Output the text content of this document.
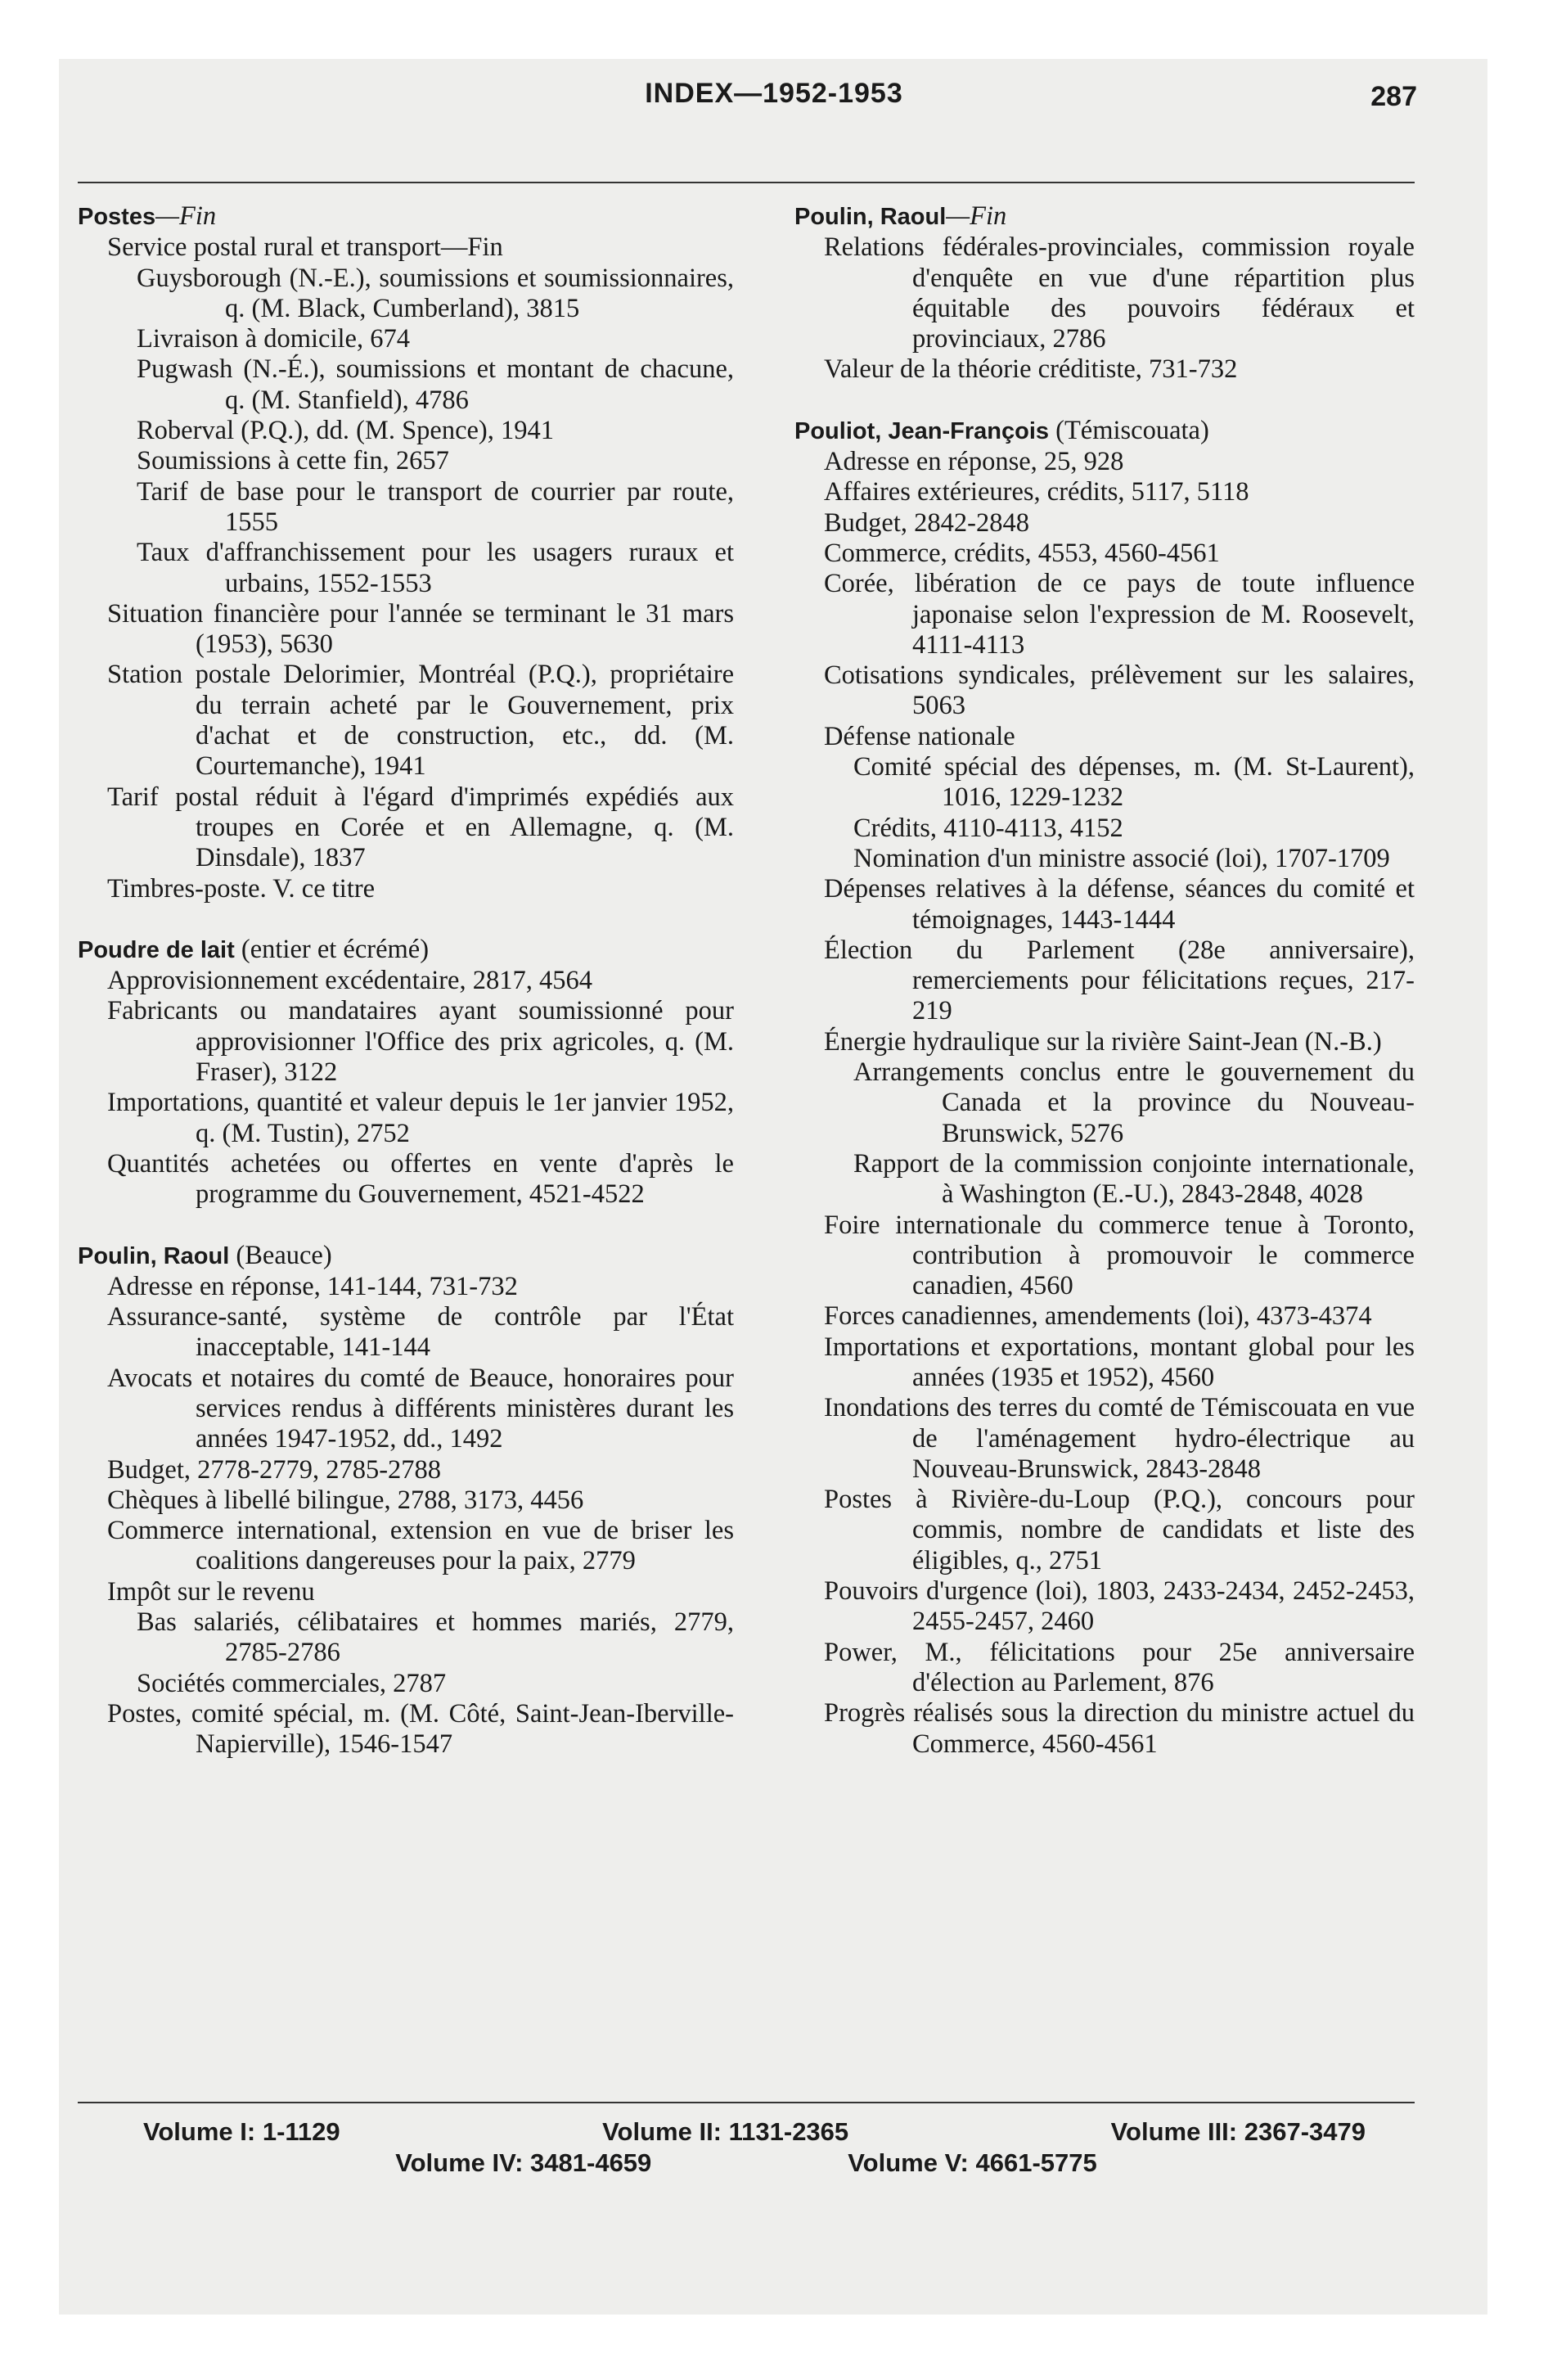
INDEX—1952-1953	287
Postes—Fin
Service postal rural et transport—Fin
Guysborough (N.-E.), soumissions et soumissionnaires, q. (M. Black, Cumberland), 3815
Livraison à domicile, 674
Pugwash (N.-É.), soumissions et montant de chacune, q. (M. Stanfield), 4786
Roberval (P.Q.), dd. (M. Spence), 1941
Soumissions à cette fin, 2657
Tarif de base pour le transport de courrier par route, 1555
Taux d'affranchissement pour les usagers ruraux et urbains, 1552-1553
Situation financière pour l'année se terminant le 31 mars (1953), 5630
Station postale Delorimier, Montréal (P.Q.), propriétaire du terrain acheté par le Gouvernement, prix d'achat et de construction, etc., dd. (M. Courtemanche), 1941
Tarif postal réduit à l'égard d'imprimés expédiés aux troupes en Corée et en Allemagne, q. (M. Dinsdale), 1837
Timbres-poste. V. ce titre
Poudre de lait (entier et écrémé)
Approvisionnement excédentaire, 2817, 4564
Fabricants ou mandataires ayant soumissionné pour approvisionner l'Office des prix agricoles, q. (M. Fraser), 3122
Importations, quantité et valeur depuis le 1er janvier 1952, q. (M. Tustin), 2752
Quantités achetées ou offertes en vente d'après le programme du Gouvernement, 4521-4522
Poulin, Raoul (Beauce)
Adresse en réponse, 141-144, 731-732
Assurance-santé, système de contrôle par l'État inacceptable, 141-144
Avocats et notaires du comté de Beauce, honoraires pour services rendus à différents ministères durant les années 1947-1952, dd., 1492
Budget, 2778-2779, 2785-2788
Chèques à libellé bilingue, 2788, 3173, 4456
Commerce international, extension en vue de briser les coalitions dangereuses pour la paix, 2779
Impôt sur le revenu
Bas salariés, célibataires et hommes mariés, 2779, 2785-2786
Sociétés commerciales, 2787
Postes, comité spécial, m. (M. Côté, Saint-Jean-Iberville-Napierville), 1546-1547
Poulin, Raoul—Fin
Relations fédérales-provinciales, commission royale d'enquête en vue d'une répartition plus équitable des pouvoirs fédéraux et provinciaux, 2786
Valeur de la théorie créditiste, 731-732
Pouliot, Jean-François (Témiscouata)
Adresse en réponse, 25, 928
Affaires extérieures, crédits, 5117, 5118
Budget, 2842-2848
Commerce, crédits, 4553, 4560-4561
Corée, libération de ce pays de toute influence japonaise selon l'expression de M. Roosevelt, 4111-4113
Cotisations syndicales, prélèvement sur les salaires, 5063
Défense nationale
Comité spécial des dépenses, m. (M. St-Laurent), 1016, 1229-1232
Crédits, 4110-4113, 4152
Nomination d'un ministre associé (loi), 1707-1709
Dépenses relatives à la défense, séances du comité et témoignages, 1443-1444
Élection du Parlement (28e anniversaire), remerciements pour félicitations reçues, 217-219
Énergie hydraulique sur la rivière Saint-Jean (N.-B.)
Arrangements conclus entre le gouvernement du Canada et la province du Nouveau-Brunswick, 5276
Rapport de la commission conjointe internationale, à Washington (E.-U.), 2843-2848, 4028
Foire internationale du commerce tenue à Toronto, contribution à promouvoir le commerce canadien, 4560
Forces canadiennes, amendements (loi), 4373-4374
Importations et exportations, montant global pour les années (1935 et 1952), 4560
Inondations des terres du comté de Témiscouata en vue de l'aménagement hydro-électrique au Nouveau-Brunswick, 2843-2848
Postes à Rivière-du-Loup (P.Q.), concours pour commis, nombre de candidats et liste des éligibles, q., 2751
Pouvoirs d'urgence (loi), 1803, 2433-2434, 2452-2453, 2455-2457, 2460
Power, M., félicitations pour 25e anniversaire d'élection au Parlement, 876
Progrès réalisés sous la direction du ministre actuel du Commerce, 4560-4561
Volume I: 1-1129	Volume II: 1131-2365	Volume III: 2367-3479
Volume IV: 3481-4659	Volume V: 4661-5775
